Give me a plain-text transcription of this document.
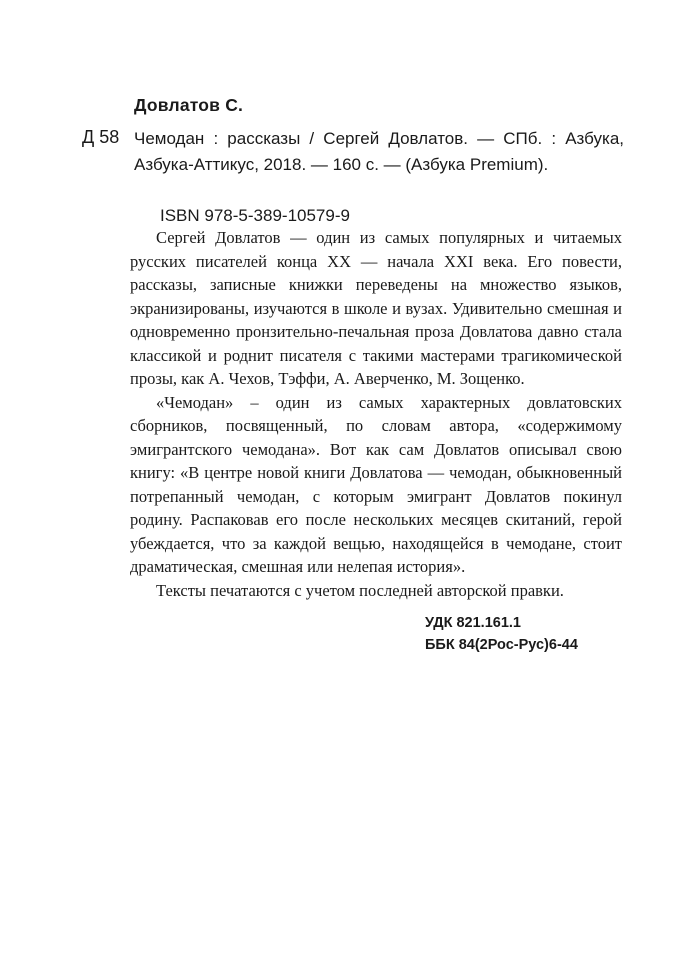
Довлатов С.
Д 58 Чемодан : рассказы / Сергей Довлатов. — СПб. : Азбука, Азбука-Аттикус, 2018. — 160 с. — (Азбука Premium).
ISBN 978-5-389-10579-9

Сергей Довлатов — один из самых популярных и читаемых русских писателей конца XX — начала XXI века. Его повести, рассказы, записные книжки переведены на множество языков, экранизированы, изучаются в школе и вузах. Удивительно смешная и одновременно пронзительно-печальная проза Довлатова давно стала классикой и роднит писателя с такими мастерами трагикомической прозы, как А. Чехов, Тэффи, А. Аверченко, М. Зощенко.

«Чемодан» – один из самых характерных довлатовских сборников, посвященный, по словам автора, «содержимому эмигрантского чемодана». Вот как сам Довлатов описывал свою книгу: «В центре новой книги Довлатова — чемодан, обыкновенный потрепанный чемодан, с которым эмигрант Довлатов покинул родину. Распаковав его после нескольких месяцев скитаний, герой убеждается, что за каждой вещью, находящейся в чемодане, стоит драматическая, смешная или нелепая история».

Тексты печатаются с учетом последней авторской правки.

УДК 821.161.1
ББК 84(2Рос-Рус)6-44
